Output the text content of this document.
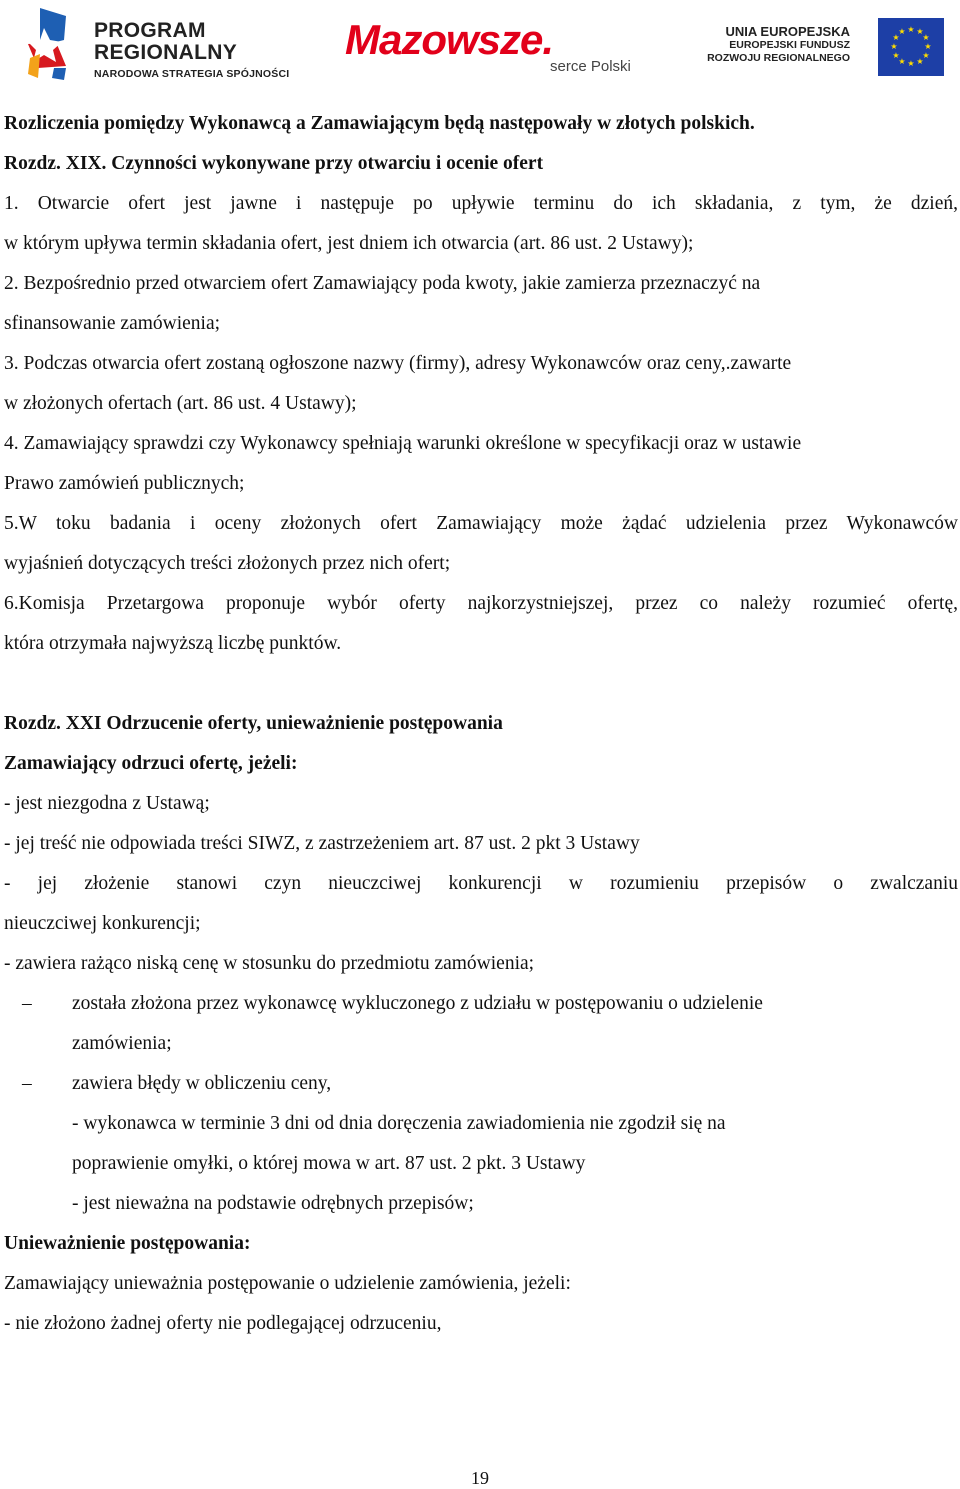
PROGRAM
REGIONALNY
NARODOWA STRATEGIA SPÓJNOŚCI
Mazowsze.
serce Polski
UNIA EUROPEJSKA
EUROPEJSKI FUNDUSZ
ROZWOJU REGIONALNEGO
★ ★
★
★
★
★
★
★
★
★
★
★
Rozliczenia pomiędzy Wykonawcą a Zamawiającym będą następowały w złotych polskich.
Rozdz. XIX. Czynności wykonywane przy otwarciu i ocenie ofert
1. Otwarcie ofert jest jawne i następuje po upływie terminu do ich składania, z tym, że dzień,
w którym upływa termin składania ofert, jest dniem ich otwarcia (art. 86 ust. 2 Ustawy);
2. Bezpośrednio przed otwarciem ofert Zamawiający poda kwoty, jakie zamierza przeznaczyć na
sfinansowanie zamówienia;
3. Podczas otwarcia ofert zostaną ogłoszone nazwy (firmy), adresy Wykonawców oraz ceny,.zawarte
w złożonych ofertach (art. 86 ust. 4 Ustawy);
4. Zamawiający sprawdzi czy Wykonawcy spełniają warunki określone w specyfikacji oraz w ustawie
Prawo zamówień publicznych;
5.W toku badania i oceny złożonych ofert Zamawiający może żądać udzielenia przez Wykonawców
wyjaśnień dotyczących treści złożonych przez nich ofert;
6.Komisja Przetargowa proponuje wybór oferty najkorzystniejszej, przez co należy rozumieć ofertę,
która otrzymała najwyższą liczbę punktów.
Rozdz. XXI Odrzucenie oferty, unieważnienie postępowania
Zamawiający odrzuci ofertę, jeżeli:
- jest niezgodna z Ustawą;
- jej treść nie odpowiada treści SIWZ, z zastrzeżeniem art. 87 ust. 2 pkt 3 Ustawy
- jej złożenie stanowi czyn nieuczciwej konkurencji w rozumieniu przepisów o zwalczaniu
nieuczciwej konkurencji;
- zawiera rażąco niską cenę w stosunku do przedmiotu zamówienia;
– została złożona przez wykonawcę wykluczonego z udziału w postępowaniu o udzielenie
zamówienia;
– zawiera błędy w obliczeniu ceny,
- wykonawca w terminie 3 dni od dnia doręczenia zawiadomienia nie zgodził się na
poprawienie omyłki, o której mowa w art. 87 ust. 2 pkt. 3 Ustawy
- jest nieważna na podstawie odrębnych przepisów;
Unieważnienie postępowania:
Zamawiający unieważnia postępowanie o udzielenie zamówienia, jeżeli:
- nie złożono żadnej oferty nie podlegającej odrzuceniu,
19
